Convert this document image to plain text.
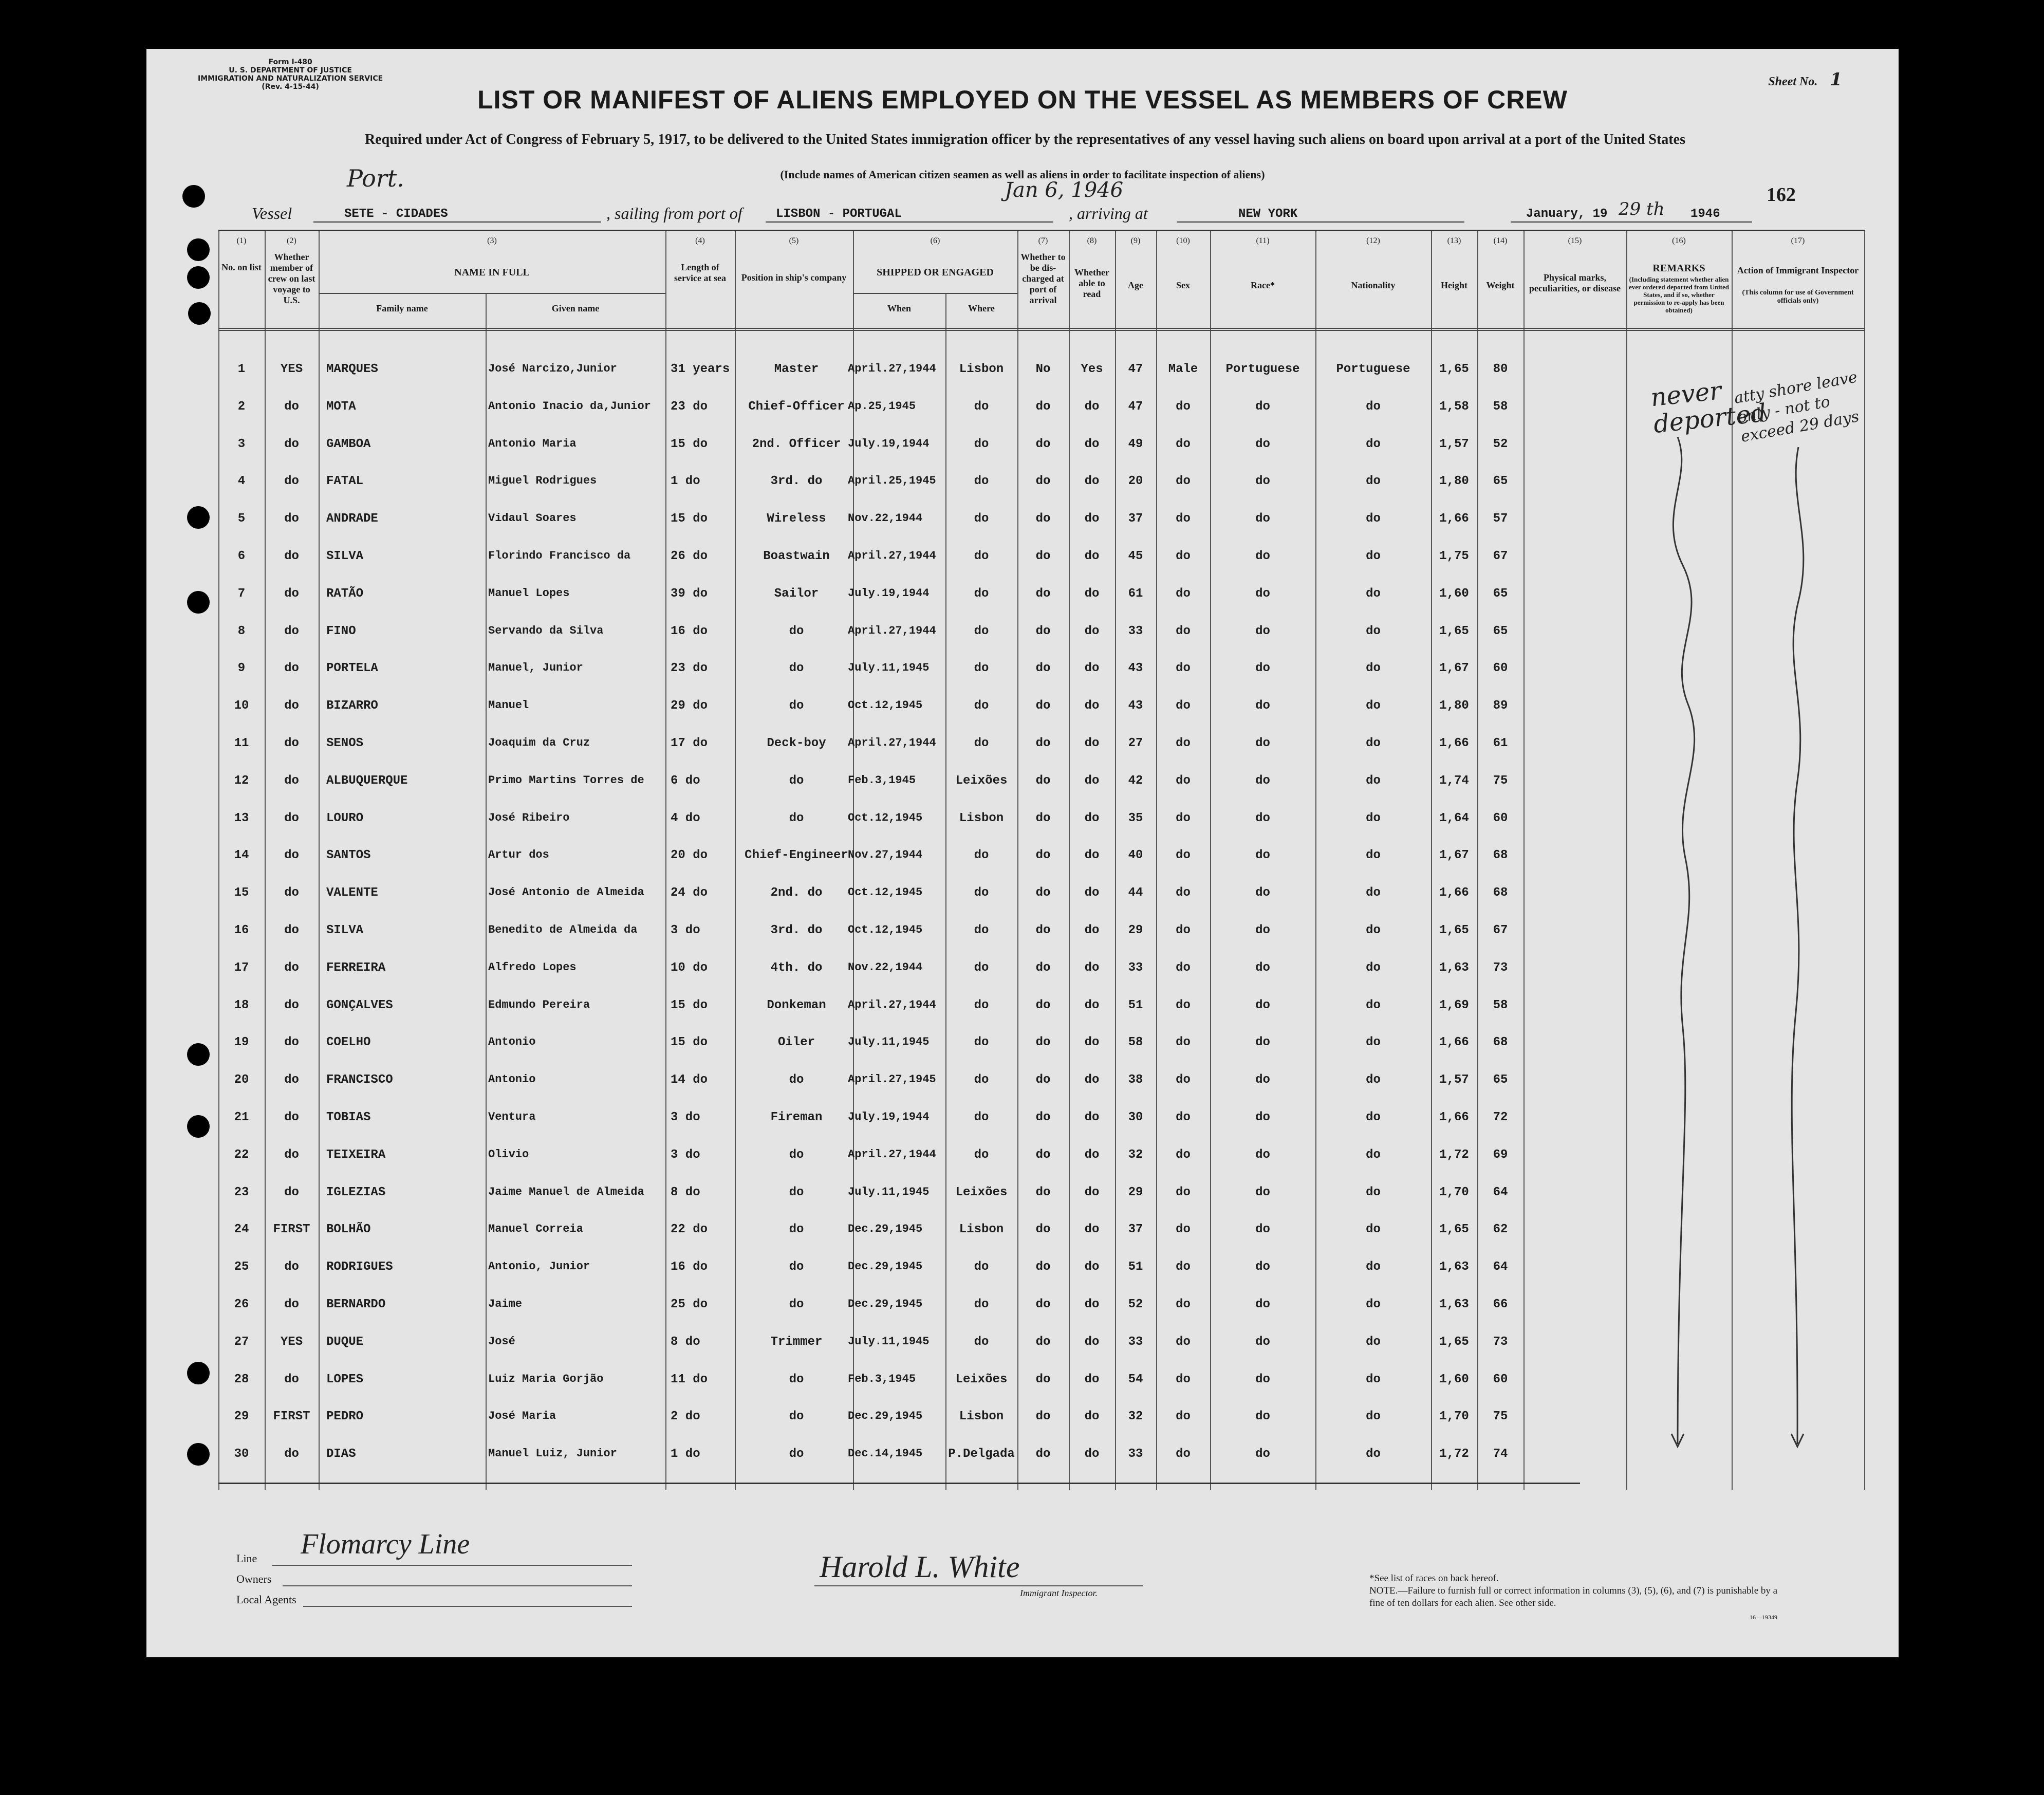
Form I-480
U. S. DEPARTMENT OF JUSTICE
IMMIGRATION AND NATURALIZATION SERVICE
(Rev. 4-15-44)	Sheet No. 1
LIST OR MANIFEST OF ALIENS EMPLOYED ON THE VESSEL AS MEMBERS OF CREW
Required under Act of Congress of February 5, 1917, to be delivered to the United States immigration officer by the representatives of any vessel having such aliens on board upon arrival at a port of the United States
(Include names of American citizen seamen as well as aliens in order to facilitate inspection of aliens)
Port.	Jan 6, 1946	162
Vessel	SETE - CIDADES	, sailing from port of	LISBON - PORTUGAL	, arriving at	NEW YORK	January, 19 29 th 1946
(1)	(2)	(3)	(4)	(5)	(6)	(7)	(8)	(9)	(10)	(11)	(12)	(13)	(14)	(15)	(16)	(17)
No. on list
Whether member of crew on last voyage to U.S.
NAME IN FULL
Family name	Given name
Length of service at sea	Position in ship's company	SHIPPED OR ENGAGED
When	Where
Whether to be dis-charged at port of arrival
Whether able to read
Age	Sex	Race*	Nationality	Height	Weight
Physical marks, peculiarities, or disease
REMARKS
(Including statement whether alien ever ordered deported from United States, and if so, whether permission to re-apply has been obtained)
Action of Immigrant Inspector
(This column for use of Government officials only)
1	YES	MARQUES	José Narcizo,Junior	31 years	Master	April.27,1944	Lisbon	No	Yes	47	Male	Portuguese	Portuguese	1,65	80
2	do	MOTA	Antonio Inacio da,Junior	23 do	Chief-Officer Ap.25,1945	do	do	do	47	do	do	do	1,58	58
3	do	GAMBOA	Antonio Maria	15 do	2nd. Officer July.19,1944	do	do	do	49	do	do	do	1,57	52
4	do	FATAL	Miguel Rodrigues	1 do	3rd. do	April.25,1945	do	do	do	20	do	do	do	1,80	65
5	do	ANDRADE	Vidaul Soares	15 do	Wireless	Nov.22,1944	do	do	do	37	do	do	do	1,66	57
6	do	SILVA	Florindo Francisco da	26 do	Boastwain	April.27,1944	do	do	do	45	do	do	do	1,75	67
7	do	RATÃO	Manuel Lopes	39 do	Sailor	July.19,1944	do	do	do	61	do	do	do	1,60	65
8	do	FINO	Servando da Silva	16 do	do	April.27,1944	do	do	do	33	do	do	do	1,65	65
9	do	PORTELA	Manuel, Junior	23 do	do	July.11,1945	do	do	do	43	do	do	do	1,67	60
10	do	BIZARRO	Manuel	29 do	do	Oct.12,1945	do	do	do	43	do	do	do	1,80	89
11	do	SENOS	Joaquim da Cruz	17 do	Deck-boy	April.27,1944	do	do	do	27	do	do	do	1,66	61
12	do	ALBUQUERQUE	Primo Martins Torres de	6 do	do	Feb.3,1945	Leixões	do	do	42	do	do	do	1,74	75
13	do	LOURO	José Ribeiro	4 do	do	Oct.12,1945	Lisbon	do	do	35	do	do	do	1,64	60
14	do	SANTOS	Artur dos	20 do	Chief-Engineer Nov.27,1944	do	do	do	40	do	do	do	1,67	68
15	do	VALENTE	José Antonio de Almeida	24 do	2nd. do	Oct.12,1945	do	do	do	44	do	do	do	1,66	68
16	do	SILVA	Benedito de Almeida da	3 do	3rd. do	Oct.12,1945	do	do	do	29	do	do	do	1,65	67
17	do	FERREIRA	Alfredo Lopes	10 do	4th. do	Nov.22,1944	do	do	do	33	do	do	do	1,63	73
18	do	GONÇALVES	Edmundo Pereira	15 do	Donkeman	April.27,1944	do	do	do	51	do	do	do	1,69	58
19	do	COELHO	Antonio	15 do	Oiler	July.11,1945	do	do	do	58	do	do	do	1,66	68
20	do	FRANCISCO	Antonio	14 do	do	April.27,1945	do	do	do	38	do	do	do	1,57	65
21	do	TOBIAS	Ventura	3 do	Fireman	July.19,1944	do	do	do	30	do	do	do	1,66	72
22	do	TEIXEIRA	Olivio	3 do	do	April.27,1944	do	do	do	32	do	do	do	1,72	69
23	do	IGLEZIAS	Jaime Manuel de Almeida	8 do	do	July.11,1945	Leixões	do	do	29	do	do	do	1,70	64
24	FIRST	BOLHÃO	Manuel Correia	22 do	do	Dec.29,1945	Lisbon	do	do	37	do	do	do	1,65	62
25	do	RODRIGUES	Antonio, Junior	16 do	do	Dec.29,1945	do	do	do	51	do	do	do	1,63	64
26	do	BERNARDO	Jaime	25 do	do	Dec.29,1945	do	do	do	52	do	do	do	1,63	66
27	YES	DUQUE	José	8 do	Trimmer	July.11,1945	do	do	do	33	do	do	do	1,65	73
28	do	LOPES	Luiz Maria Gorjão	11 do	do	Feb.3,1945	Leixões	do	do	54	do	do	do	1,60	60
29	FIRST	PEDRO	José Maria	2 do	do	Dec.29,1945	Lisbon	do	do	32	do	do	do	1,70	75
30	do	DIAS	Manuel Luiz, Junior	1 do	do	Dec.14,1945	P.Delgada	do	do	33	do	do	do	1,72	74
never deported
atty shore leave only - not to exceed 29 days
Line Flomarcy Line
Owners
Local Agents
Harold L. White
Immigrant Inspector.
*See list of races on back hereof.
NOTE.—Failure to furnish full or correct information in columns (3), (5), (6), and (7) is punishable by a fine of ten dollars for each alien. See other side.
16—19349
